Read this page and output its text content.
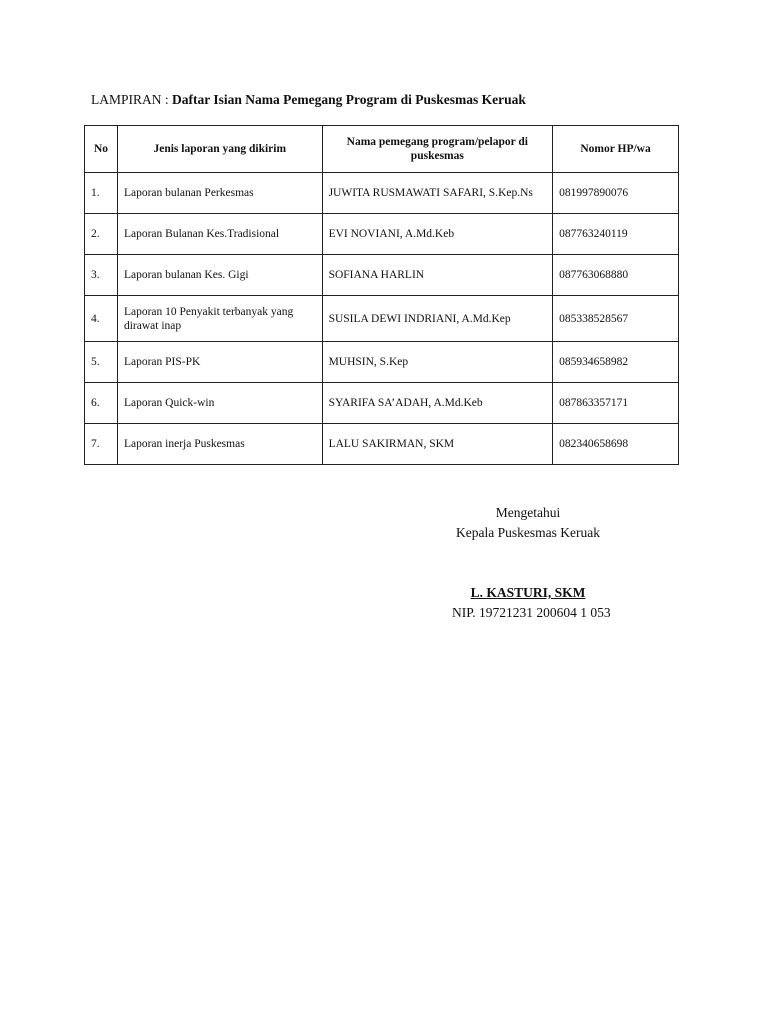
LAMPIRAN : Daftar Isian Nama Pemegang Program di Puskesmas Keruak
No	Jenis laporan yang dikirim	Nama pemegang program/pelapor di puskesmas	Nomor HP/wa
1.	Laporan bulanan Perkesmas	JUWITA RUSMAWATI SAFARI, S.Kep.Ns	081997890076
2.	Laporan Bulanan Kes.Tradisional	EVI NOVIANI, A.Md.Keb	087763240119
3.	Laporan bulanan Kes. Gigi	SOFIANA HARLIN	087763068880
4.	Laporan 10 Penyakit terbanyak yang dirawat inap	SUSILA DEWI INDRIANI, A.Md.Kep	085338528567
5.	Laporan PIS-PK	MUHSIN, S.Kep	085934658982
6.	Laporan Quick-win	SYARIFA SA’ADAH, A.Md.Keb	087863357171
7.	Laporan inerja Puskesmas	LALU SAKIRMAN, SKM	082340658698
Mengetahui
Kepala Puskesmas Keruak
L. KASTURI, SKM
NIP. 19721231 200604 1 053
